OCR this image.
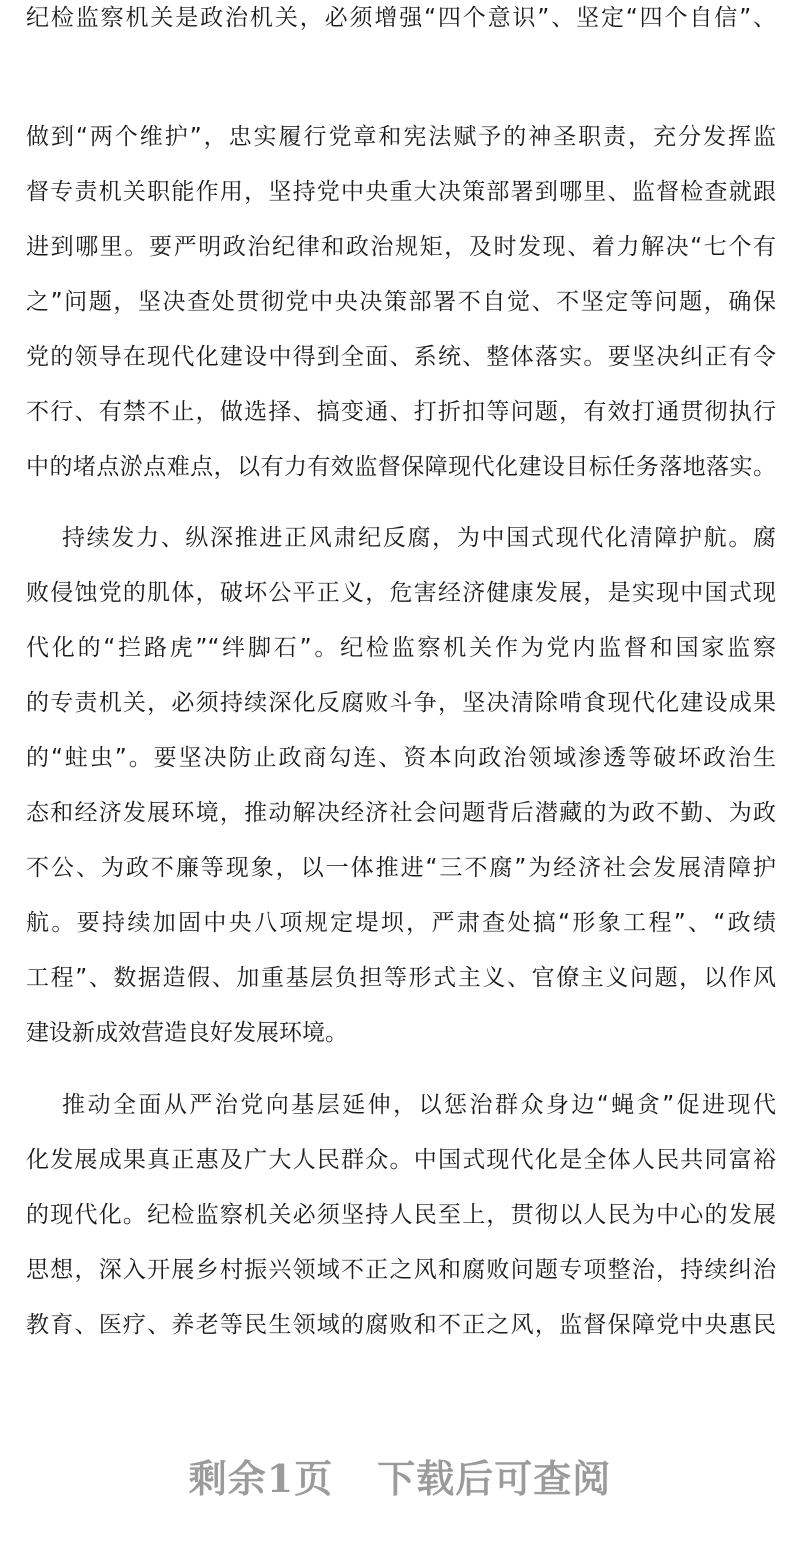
纪检监察机关是政治机关，必须增强“四个意识”、坚定“四个自信”、
做到“两个维护”，忠实履行党章和宪法赋予的神圣职责，充分发挥监
督专责机关职能作用，坚持党中央重大决策部署到哪里、监督检查就跟
进到哪里。要严明政治纪律和政治规矩，及时发现、着力解决“七个有
之”问题，坚决查处贯彻党中央决策部署不自觉、不坚定等问题，确保
党的领导在现代化建设中得到全面、系统、整体落实。要坚决纠正有令
不行、有禁不止，做选择、搞变通、打折扣等问题，有效打通贯彻执行
中的堵点淤点难点，以有力有效监督保障现代化建设目标任务落地落实。
持续发力、纵深推进正风肃纪反腐，为中国式现代化清障护航。腐
败侵蚀党的肌体，破坏公平正义，危害经济健康发展，是实现中国式现
代化的“拦路虎”“绊脚石”。纪检监察机关作为党内监督和国家监察
的专责机关，必须持续深化反腐败斗争，坚决清除啃食现代化建设成果
的“蛀虫”。要坚决防止政商勾连、资本向政治领域渗透等破坏政治生
态和经济发展环境，推动解决经济社会问题背后潜藏的为政不勤、为政
不公、为政不廉等现象，以一体推进“三不腐”为经济社会发展清障护
航。要持续加固中央八项规定堤坝，严肃查处搞“形象工程”、“政绩
工程”、数据造假、加重基层负担等形式主义、官僚主义问题，以作风
建设新成效营造良好发展环境。
推动全面从严治党向基层延伸，以惩治群众身边“蝇贪”促进现代
化发展成果真正惠及广大人民群众。中国式现代化是全体人民共同富裕
的现代化。纪检监察机关必须坚持人民至上，贯彻以人民为中心的发展
思想，深入开展乡村振兴领域不正之风和腐败问题专项整治，持续纠治
教育、医疗、养老等民生领域的腐败和不正之风，监督保障党中央惠民
剩余1页 下载后可查阅
